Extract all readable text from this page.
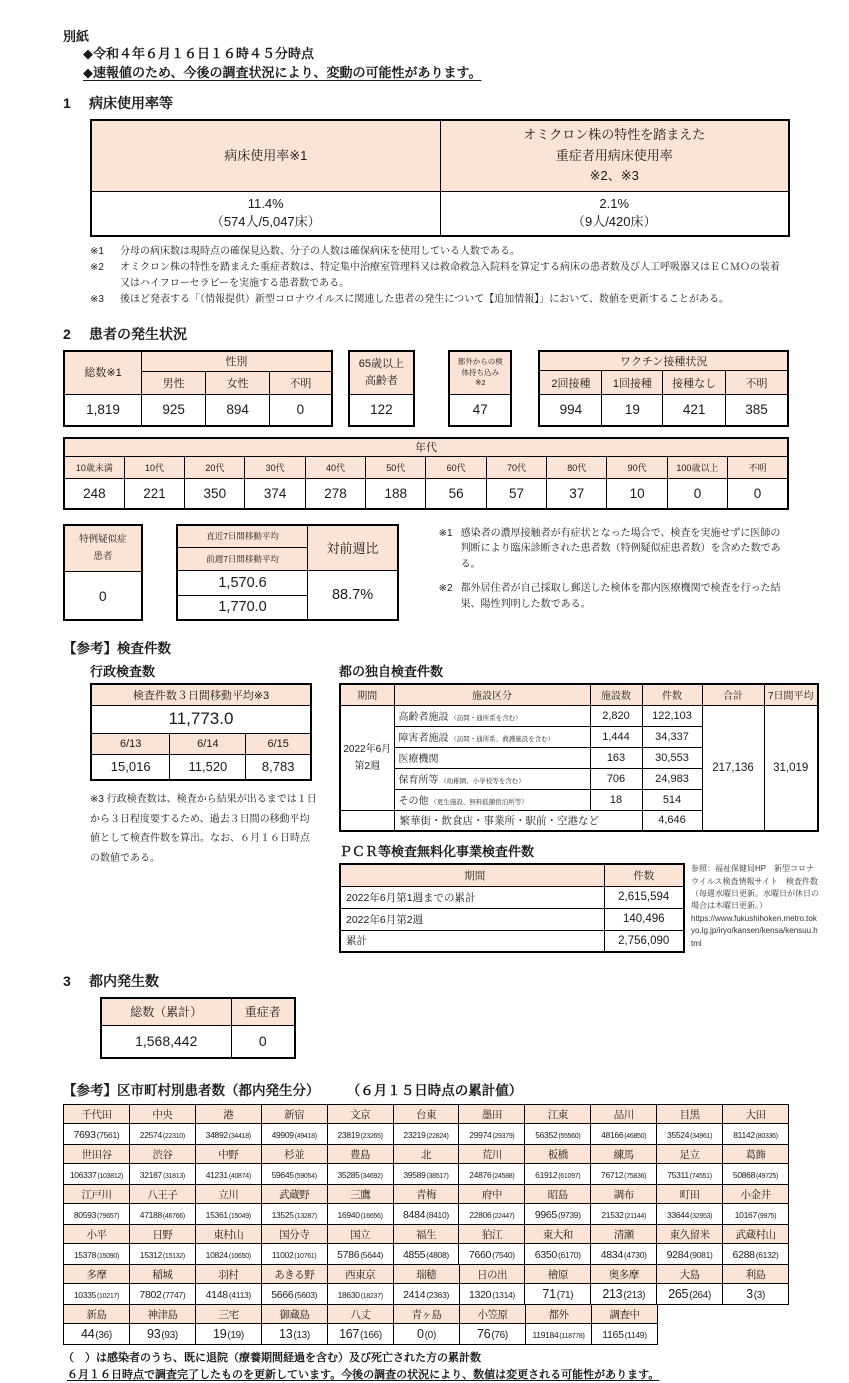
別紙
◆令和４年６月１６日１６時４５分時点
◆速報値のため、今後の調査状況により、変動の可能性があります。
1 病床使用率等
病床使用率※1	オミクロン株の特性を踏まえた
重症者用病床使用率
※2、※3

11.4%
（574人/5,047床）

2.1%
（9人/420床）
※1	分母の病床数は現時点の確保見込数、分子の人数は確保病床を使用している人数である。
※2	オミクロン株の特性を踏まえた重症者数は、特定集中治療室管理料又は救命救急入院料を算定する病床の患者数及び人工呼吸器又はＥＣＭＯの装着又はハイフローセラピーを実施する患者数である。
※3	後ほど発表する「（情報提供）新型コロナウイルスに関連した患者の発生について【追加情報】」において、数値を更新することがある。
2 患者の発生状況
総数※1	性別		
	男性	女性	不明
1,819	925	894	0
65歳以上
高齢者
122
都外からの検
体持ち込み
※2
47
ワクチン接種状況			
2回接種	1回接種	接種なし	不明
994	19	421	385
年代											
10歳未満	10代	20代	30代	40代	50代	60代	70代	80代	90代	100歳以上	不明
248	221	350	374	278	188	56	57	37	10	0	0
特例疑似症
患者
0
直近7日間移動平均	対前週比
前週7日間移動平均	
1,570.6	88.7%
1,770.0	
※1 感染者の濃厚接触者が有症状となった場合で、検査を実施せずに医師の判断により臨床診断された患者数（特例疑似症患者数）を含めた数である。
※2 都外居住者が自己採取し郵送した検体を都内医療機関で検査を行った結果、陽性判明した数である。
【参考】検査件数
行政検査数
検査件数３日間移動平均※3		
11,773.0		
6/13	6/14	6/15
15,016	11,520	8,783
※3 行政検査数は、検査から結果が出るまでは１日から３日程度要するため、過去３日間の移動平均値として検査件数を算出。なお、６月１６日時点の数値である。
都の独自検査件数
期間	施設区分	施設数	件数	合計	7日間平均
2022年6月第2週	高齢者施設 （訪問・通所系を含む）	2,820	122,103	217,136	31,019
	障害者施設 （訪問・通所系、救護施設を含む）	1,444	34,337		
	医療機関	163	30,553		
	保育所等 （幼稚園、小学校等を含む）	706	24,983		
	その他 （更生施設、無料低額宿泊所等）	18	514		
	繁華街・飲食店・事業所・駅前・空港など		4,646		
ＰＣＲ等検査無料化事業検査件数
期間	件数
2022年6月第1週までの累計	2,615,594
2022年6月第2週	140,496
累計	2,756,090
参照：福祉保健局HP　新型コロナウイルス検査情報サイト　検査件数（毎週水曜日更新。水曜日が休日の場合は木曜日更新。）
https://www.fukushihoken.metro.tokyo.lg.jp/iryo/kansen/kensa/kensuu.html
3 都内発生数
総数（累計）	重症者
1,568,442	0
【参考】区市町村別患者数（都内発生分）	（６月１５日時点の累計値）
千代田	中央	港	新宿	文京	台東	墨田	江東	品川	目黒	大田
7693(7561)	22574(22310)	34892(34418)	49909(49418)	23819(23265)	23219(22824)	29974(29379)	56352(55560)	48166(46850)	35524(34961)	81142(80336)
世田谷	渋谷	中野	杉並	豊島	北	荒川	板橋	練馬	足立	葛飾
106337(103812)	32187(31813)	41231(40874)	59645(59054)	35285(34692)	39589(38517)	24876(24588)	61912(61097)	76712(75836)	75311(74551)	50868(49725)
江戸川	八王子	立川	武蔵野	三鷹	青梅	府中	昭島	調布	町田	小金井
80593(79657)	47188(46766)	15361(15049)	13525(13287)	16940(16656)	8484(8410)	22806(22447)	9965(9739)	21532(21144)	33644(32953)	10167(9975)
小平	日野	東村山	国分寺	国立	福生	狛江	東大和	清瀬	東久留米	武蔵村山
15378(15090)	15312(15132)	10824(10650)	11002(10761)	5786(5644)	4855(4808)	7660(7540)	6350(6170)	4834(4730)	9284(9081)	6288(6132)
多摩	稲城	羽村	あきる野	西東京	瑞穂	日の出	檜原	奥多摩	大島	利島
10335(10217)	7802(7747)	4148(4113)	5666(5603)	18630(18237)	2414(2363)	1320(1314)	71(71)	213(213)	265(264)	3(3)
新島	神津島	三宅	御蔵島	八丈	青ヶ島	小笠原	都外	調査中
44(36)	93(93)	19(19)	13(13)	167(166)	0(0)	76(76)	119184(118778)	1165(1149)
（　）は感染者のうち、既に退院（療養期間経過を含む）及び死亡された方の累計数
６月１６日時点で調査完了したものを更新しています。今後の調査の状況により、数値は変更される可能性があります。
